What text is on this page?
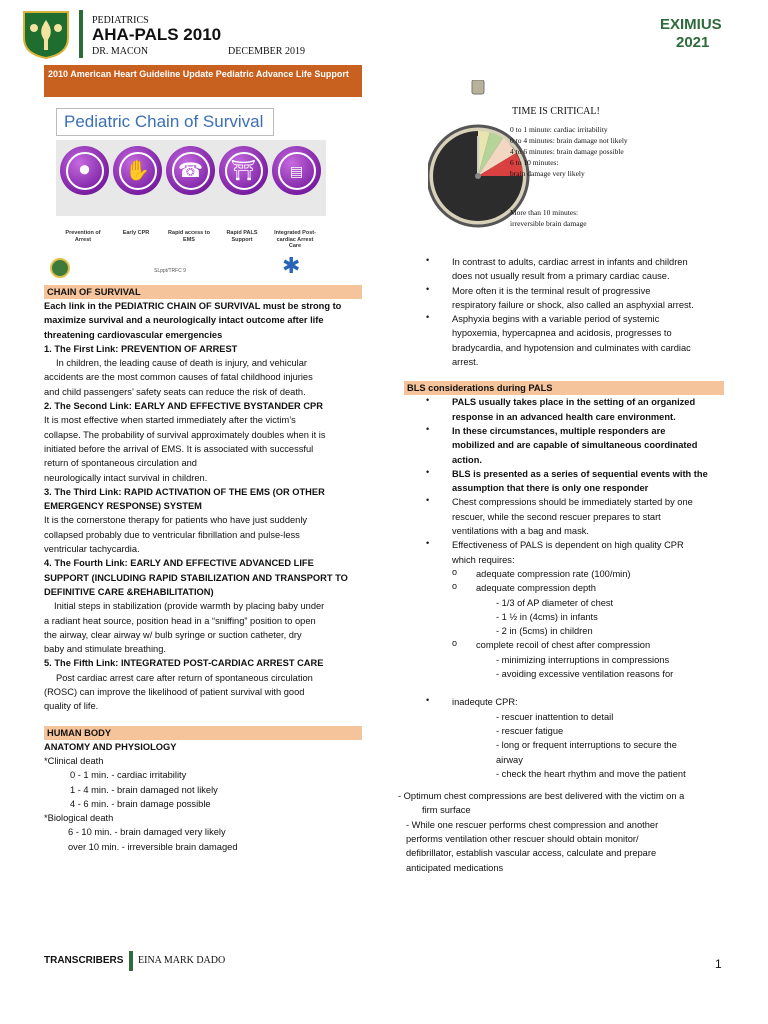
PEDIATRICS
AHA-PALS 2010
DR. MACON	DECEMBER 2019
EXIMIUS
2021
2010 American Heart Guideline Update Pediatric Advance Life Support
Pediatric Chain of Survival
⚫	✋	☎	⛩	▤
Prevention of Arrest
Early CPR	Rapid access to EMS
Rapid PALS Support
Integrated Post-cardiac Arrest Care
✱
SLppt/TRFC 9
TIME IS CRITICAL!
0 to 1 minute: cardiac irritability
0 to 4 minutes: brain damage not likely
4 to 6 minutes: brain damage possible
6 to 10 minutes:
brain damage very likely
More than 10 minutes:
irreversible brain damage
CHAIN OF SURVIVAL
Each link in the PEDIATRIC CHAIN OF SURVIVAL must be strong to
maximize survival and a neurologically intact outcome after life
threatening cardiovascular emergencies
1. The First Link: PREVENTION OF ARREST
In children, the leading cause of death is injury, and vehicular
accidents are the most common causes of fatal childhood injuries
and child passengers’ safety seats can reduce the risk of death.
2. The Second Link: EARLY AND EFFECTIVE BYSTANDER CPR
It is most effective when started immediately after the victim’s
collapse. The probability of survival approximately doubles when it is
initiated before the arrival of EMS. It is associated with successful
return of spontaneous circulation and
neurologically intact survival in children.
3. The Third Link: RAPID ACTIVATION OF THE EMS (OR OTHER
EMERGENCY RESPONSE) SYSTEM
It is the cornerstone therapy for patients who have just suddenly
collapsed probably due to ventricular fibrillation and pulse-less
ventricular tachycardia.
4. The Fourth Link: EARLY AND EFFECTIVE ADVANCED LIFE
SUPPORT (INCLUDING RAPID STABILIZATION AND TRANSPORT TO
DEFINITIVE CARE &REHABILITATION)
Initial steps in stabilization (provide warmth by placing baby under
a radiant heat source, position head in a “sniffing” position to open
the airway, clear airway w/ bulb syringe or suction catheter, dry
baby and stimulate breathing.
5. The Fifth Link: INTEGRATED POST-CARDIAC ARREST CARE
Post cardiac arrest care after return of spontaneous circulation
(ROSC) can improve the likelihood of patient survival with good
quality of life.
HUMAN BODY
ANATOMY AND PHYSIOLOGY
*Clinical death
0 - 1 min. - cardiac irritability
1 - 4 min. - brain damaged not likely
4 - 6 min. - brain damage possible
*Biological death
6 - 10 min. - brain damaged very likely
over 10 min. - irreversible brain damaged
• In contrast to adults, cardiac arrest in infants and children
does not usually result from a primary cardiac cause.
• More often it is the terminal result of progressive
respiratory failure or shock, also called an asphyxial arrest.
• Asphyxia begins with a variable period of systemic
hypoxemia, hypercapnea and acidosis, progresses to
bradycardia, and hypotension and culminates with cardiac
arrest.
BLS considerations during PALS
• PALS usually takes place in the setting of an organized
response in an advanced health care environment.
• In these circumstances, multiple responders are
mobilized and are capable of simultaneous coordinated
action.
• BLS is presented as a series of sequential events with the
assumption that there is only one responder
• Chest compressions should be immediately started by one
rescuer, while the second rescuer prepares to start
ventilations with a bag and mask.
• Effectiveness of PALS is dependent on high quality CPR
which requires:
o adequate compression rate (100/min)
o adequate compression depth
- 1/3 of AP diameter of chest
- 1 ½ in (4cms) in infants
- 2 in (5cms) in children
o complete recoil of chest after compression
- minimizing interruptions in compressions
- avoiding excessive ventilation reasons for
• inadequte CPR:
- rescuer inattention to detail
- rescuer fatigue
- long or frequent interruptions to secure the
airway
- check the heart rhythm and move the patient
- Optimum chest compressions are best delivered with the victim on a
firm surface
- While one rescuer performs chest compression and another
performs ventilation other rescuer should obtain monitor/
defibrillator, establish vascular access, calculate and prepare
anticipated medications
TRANSCRIBERS EINA MARK DADO	1
